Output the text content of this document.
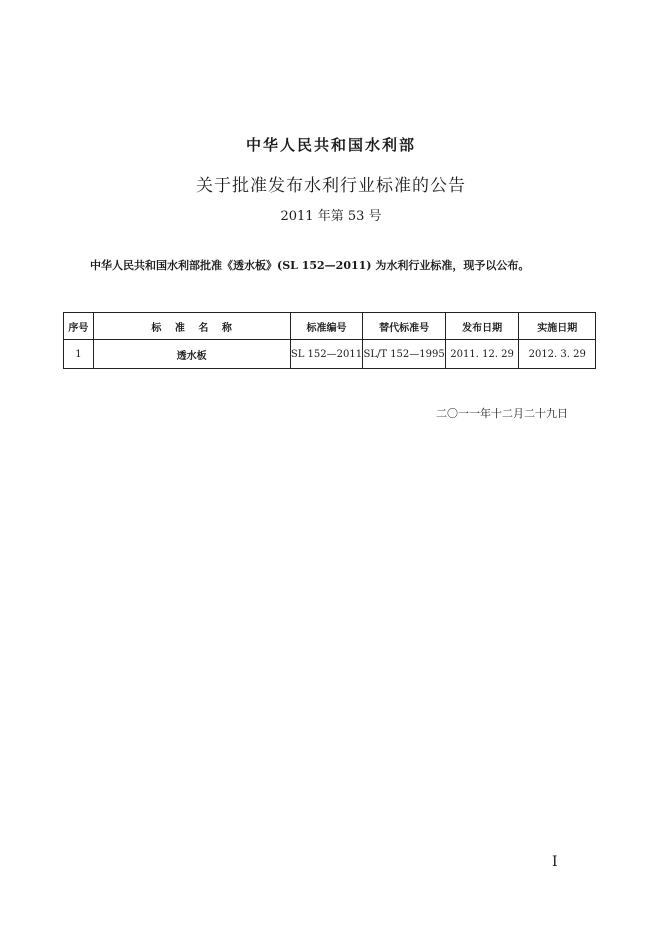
中华人民共和国水利部
关于批准发布水利行业标准的公告
2011 年第 53 号
中华人民共和国水利部批准《透水板》(SL 152—2011) 为水利行业标准，现予以公布。
序号	标 准 名 称	标准编号	替代标准号	发布日期	实施日期
1	透水板	SL 152—2011	SL/T 152—1995	2011. 12. 29	2012. 3. 29
二〇一一年十二月二十九日
I
